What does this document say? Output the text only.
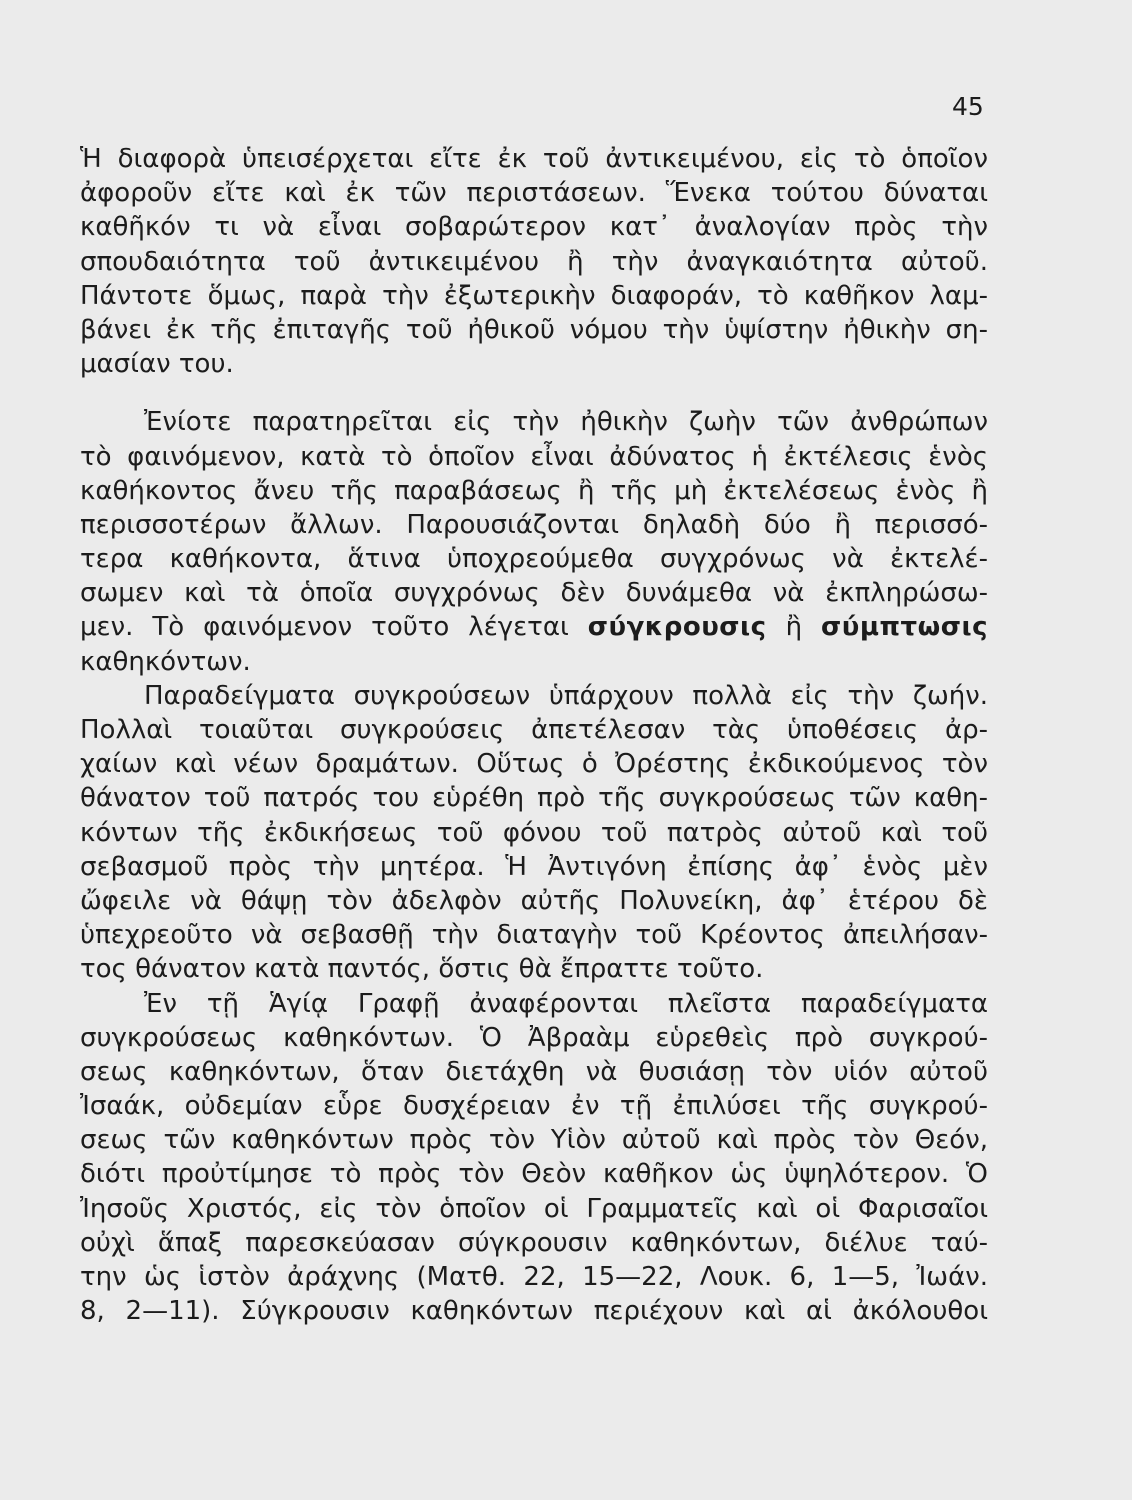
45
Ἡ διαφορὰ ὑπεισέρχεται εἴτε ἐκ τοῦ ἀντικειμένου, εἰς τὸ ὁποῖον
ἀφοροῦν εἴτε καὶ ἐκ τῶν περιστάσεων. Ἕνεκα τούτου δύναται
καθῆκόν τι νὰ εἶναι σοβαρώτερον κατ᾽ ἀναλογίαν πρὸς τὴν
σπουδαιότητα τοῦ ἀντικειμένου ἢ τὴν ἀναγκαιότητα αὐτοῦ.
Πάντοτε ὅμως, παρὰ τὴν ἐξωτερικὴν διαφοράν, τὸ καθῆκον λαμ-
βάνει ἐκ τῆς ἐπιταγῆς τοῦ ἠθικοῦ νόμου τὴν ὑψίστην ἠθικὴν ση-
μασίαν του.
Ἐνίοτε παρατηρεῖται εἰς τὴν ἠθικὴν ζωὴν τῶν ἀνθρώπων
τὸ φαινόμενον, κατὰ τὸ ὁποῖον εἶναι ἀδύνατος ἡ ἐκτέλεσις ἑνὸς
καθήκοντος ἄνευ τῆς παραβάσεως ἢ τῆς μὴ ἐκτελέσεως ἑνὸς ἢ
περισσοτέρων ἄλλων. Παρουσιάζονται δηλαδὴ δύο ἢ περισσό-
τερα καθήκοντα, ἅτινα ὑποχρεούμεθα συγχρόνως νὰ ἐκτελέ-
σωμεν καὶ τὰ ὁποῖα συγχρόνως δὲν δυνάμεθα νὰ ἐκπληρώσω-
μεν. Τὸ φαινόμενον τοῦτο λέγεται σύγκρουσις ἢ σύμπτωσις
καθηκόντων.
Παραδείγματα συγκρούσεων ὑπάρχουν πολλὰ εἰς τὴν ζωήν.
Πολλαὶ τοιαῦται συγκρούσεις ἀπετέλεσαν τὰς ὑποθέσεις ἀρ-
χαίων καὶ νέων δραμάτων. Οὕτως ὁ Ὀρέστης ἐκδικούμενος τὸν
θάνατον τοῦ πατρός του εὑρέθη πρὸ τῆς συγκρούσεως τῶν καθη-
κόντων τῆς ἐκδικήσεως τοῦ φόνου τοῦ πατρὸς αὐτοῦ καὶ τοῦ
σεβασμοῦ πρὸς τὴν μητέρα. Ἡ Ἀντιγόνη ἐπίσης ἀφ᾽ ἑνὸς μὲν
ὤφειλε νὰ θάψῃ τὸν ἀδελφὸν αὐτῆς Πολυνείκη, ἀφ᾽ ἑτέρου δὲ
ὑπεχρεοῦτο νὰ σεβασθῇ τὴν διαταγὴν τοῦ Κρέοντος ἀπειλήσαν-
τος θάνατον κατὰ παντός, ὅστις θὰ ἔπραττε τοῦτο.
Ἐν τῇ Ἁγίᾳ Γραφῇ ἀναφέρονται πλεῖστα παραδείγματα
συγκρούσεως καθηκόντων. Ὁ Ἀβραὰμ εὑρεθεὶς πρὸ συγκρού-
σεως καθηκόντων, ὅταν διετάχθη νὰ θυσιάσῃ τὸν υἱόν αὐτοῦ
Ἰσαάκ, οὐδεμίαν εὗρε δυσχέρειαν ἐν τῇ ἐπιλύσει τῆς συγκρού-
σεως τῶν καθηκόντων πρὸς τὸν Υἱὸν αὐτοῦ καὶ πρὸς τὸν Θεόν,
διότι προὐτίμησε τὸ πρὸς τὸν Θεὸν καθῆκον ὡς ὑψηλότερον. Ὁ
Ἰησοῦς Χριστός, εἰς τὸν ὁποῖον οἱ Γραμματεῖς καὶ οἱ Φαρισαῖοι
οὐχὶ ἅπαξ παρεσκεύασαν σύγκρουσιν καθηκόντων, διέλυε ταύ-
την ὡς ἱστὸν ἀράχνης (Ματθ. 22, 15—22, Λουκ. 6, 1—5, Ἰωάν.
8, 2—11). Σύγκρουσιν καθηκόντων περιέχουν καὶ αἱ ἀκόλουθοι
